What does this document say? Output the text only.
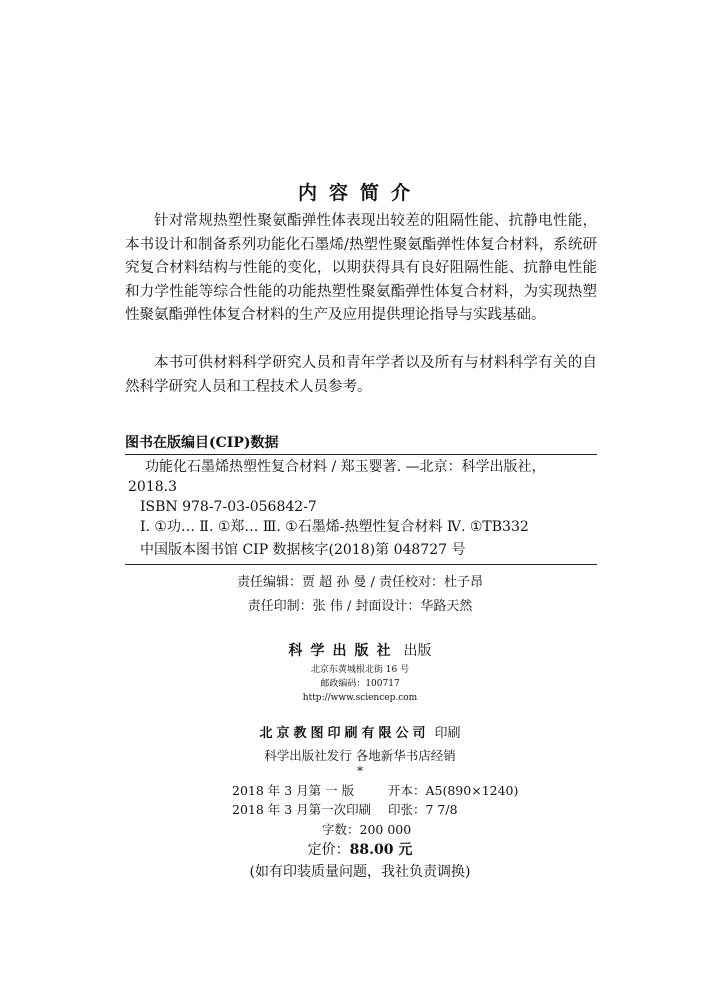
内容简介
针对常规热塑性聚氨酯弹性体表现出较差的阻隔性能、抗静电性能，本书设计和制备系列功能化石墨烯/热塑性聚氨酯弹性体复合材料，系统研究复合材料结构与性能的变化，以期获得具有良好阻隔性能、抗静电性能和力学性能等综合性能的功能热塑性聚氨酯弹性体复合材料，为实现热塑性聚氨酯弹性体复合材料的生产及应用提供理论指导与实践基础。
本书可供材料科学研究人员和青年学者以及所有与材料科学有关的自然科学研究人员和工程技术人员参考。
图书在版编目(CIP)数据
功能化石墨烯热塑性复合材料 / 郑玉婴著. —北京：科学出版社，
2018.3
ISBN 978-7-03-056842-7
Ⅰ. ①功… Ⅱ. ①郑… Ⅲ. ①石墨烯-热塑性复合材料 Ⅳ. ①TB332
中国版本图书馆 CIP 数据核字(2018)第 048727 号
责任编辑：贾 超 孙 曼 / 责任校对：杜子昂
责任印制：张 伟 / 封面设计：华路天然
科学出版社 出版
北京东黄城根北街 16 号
邮政编码：100717
http://www.sciencep.com
北京教图印刷有限公司 印刷
科学出版社发行 各地新华书店经销
*
2018 年 3 月第 一 版	开本：A5(890×1240)
2018 年 3 月第一次印刷 印张：7 7/8
字数：200 000
定价：88.00 元
(如有印装质量问题，我社负责调换)
